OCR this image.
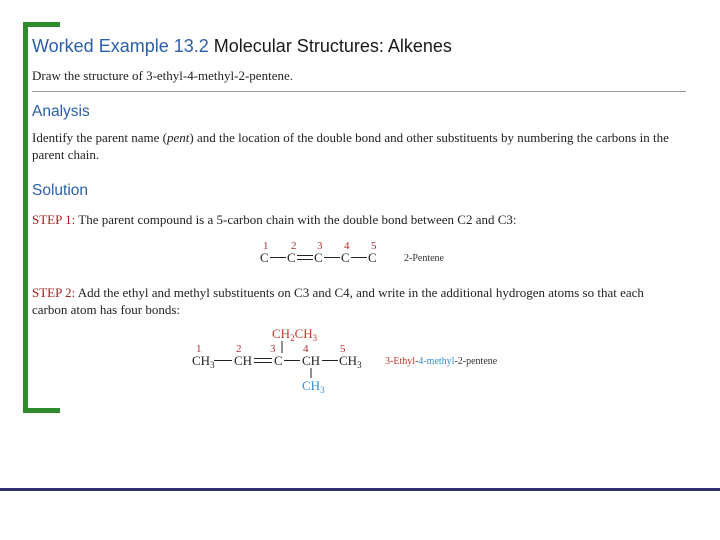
Worked Example 13.2 Molecular Structures: Alkenes
Draw the structure of 3-ethyl-4-methyl-2-pentene.
Analysis
Identify the parent name (pent) and the location of the double bond and other substituents by numbering the carbons in the parent chain.
Solution
STEP 1: The parent compound is a 5-carbon chain with the double bond between C2 and C3:
STEP 2: Add the ethyl and methyl substituents on C3 and C4, and write in the additional hydrogen atoms so that each carbon atom has four bonds:
1 2 3 4 5
C C C C C	2-Pentene
1	2	3	4	5
$CH_2CH_3$
$CH_3$ CH C CH $CH_3$
$CH_3$
3-Ethyl-4-methyl-2-pentene
